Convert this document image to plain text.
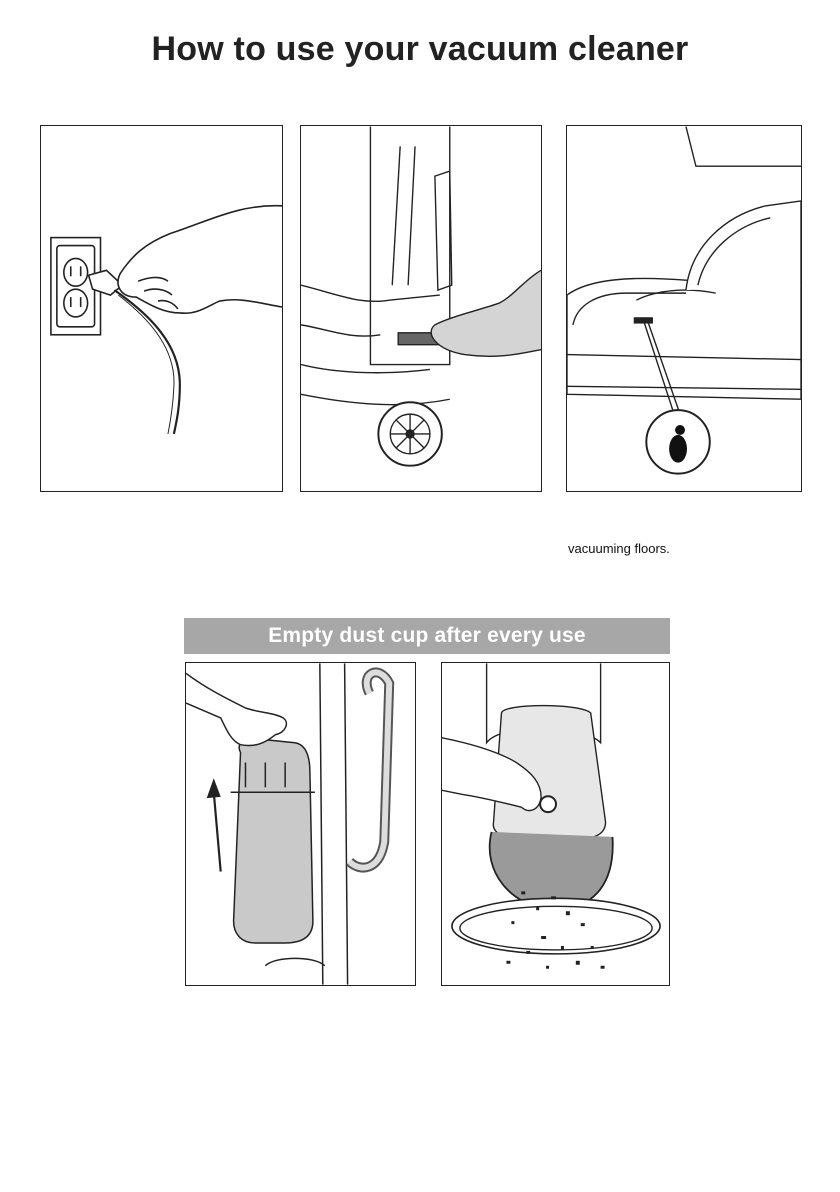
How to use your vacuum cleaner
vacuuming floors.
Empty dust cup after every use
